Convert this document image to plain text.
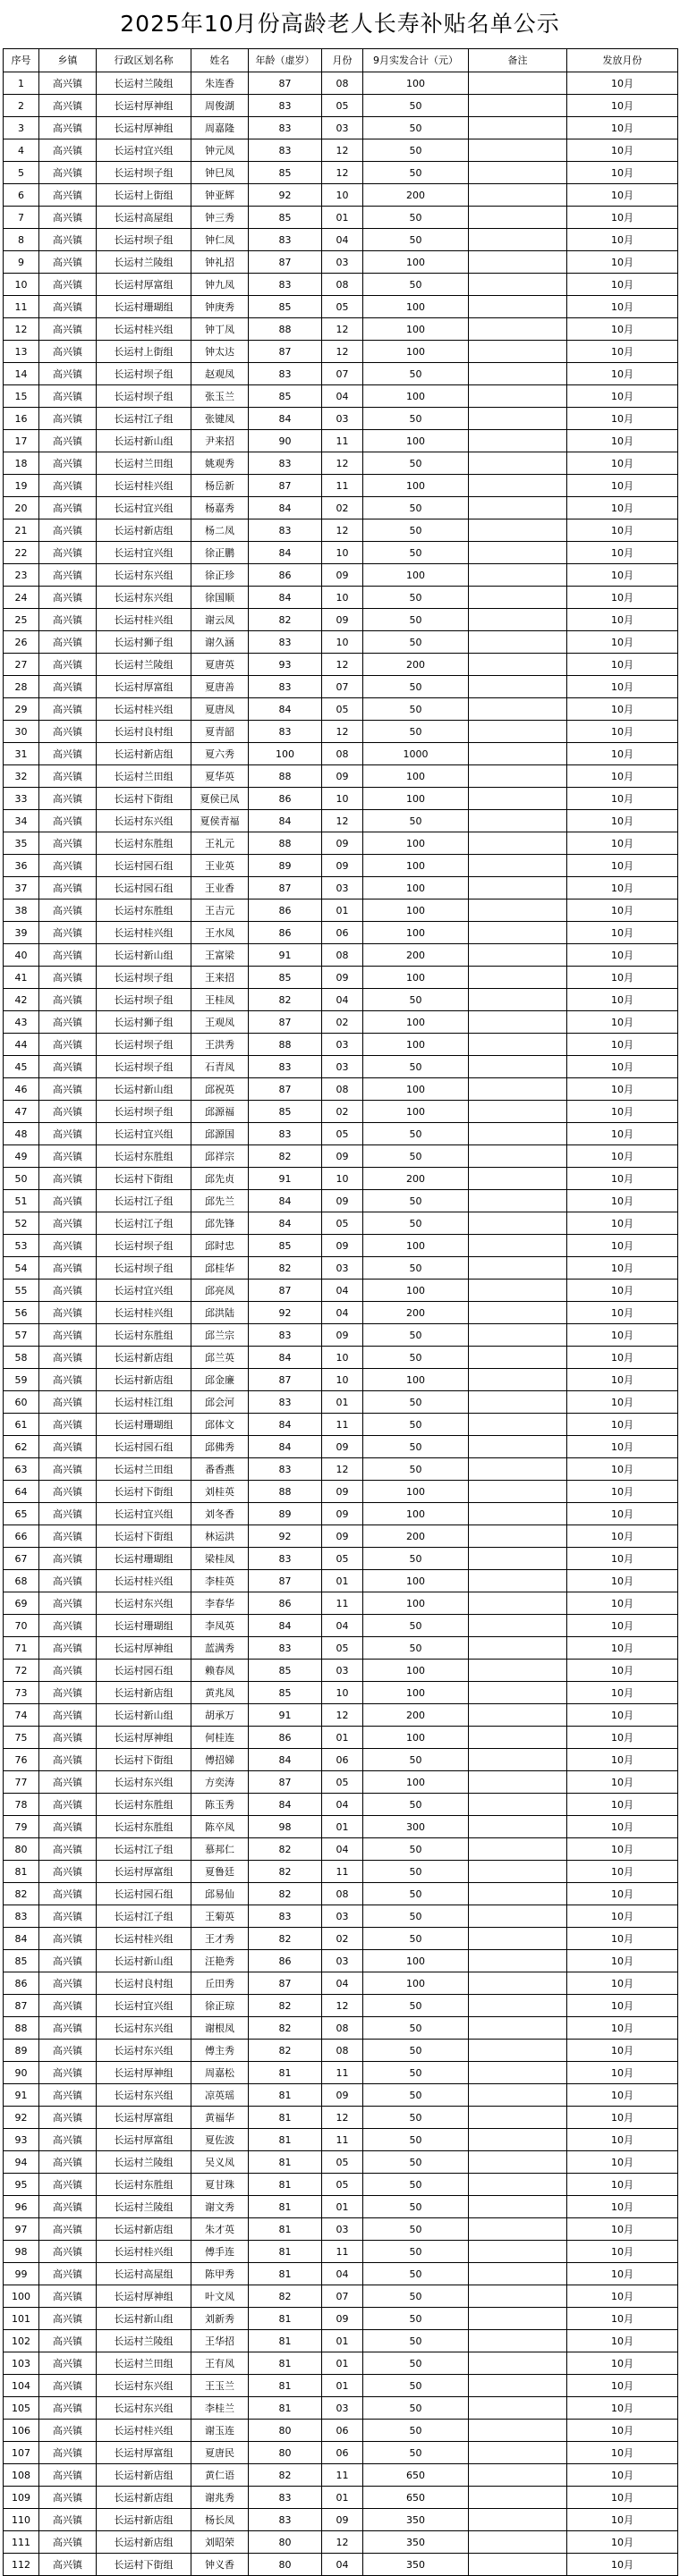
2025年10月份高龄老人长寿补贴名单公示
序号	乡镇	行政区划名称	姓名	年龄（虚岁）	月份	9月实发合计（元）	备注	发放月份
1	高兴镇	长运村兰陵组	朱连香	87	08	100		10月
2	高兴镇	长运村厚神组	周俊湖	83	05	50		10月
3	高兴镇	长运村厚神组	周嘉隆	83	03	50		10月
4	高兴镇	长运村宜兴组	钟元凤	83	12	50		10月
5	高兴镇	长运村坝子组	钟巳凤	85	12	50		10月
6	高兴镇	长运村上街组	钟亚辉	92	10	200		10月
7	高兴镇	长运村高屋组	钟三秀	85	01	50		10月
8	高兴镇	长运村坝子组	钟仁凤	83	04	50		10月
9	高兴镇	长运村兰陵组	钟礼招	87	03	100		10月
10	高兴镇	长运村厚富组	钟九凤	83	08	50		10月
11	高兴镇	长运村珊瑚组	钟庚秀	85	05	100		10月
12	高兴镇	长运村桂兴组	钟丁凤	88	12	100		10月
13	高兴镇	长运村上街组	钟太达	87	12	100		10月
14	高兴镇	长运村坝子组	赵观凤	83	07	50		10月
15	高兴镇	长运村坝子组	张玉兰	85	04	100		10月
16	高兴镇	长运村江子组	张键凤	84	03	50		10月
17	高兴镇	长运村新山组	尹来招	90	11	100		10月
18	高兴镇	长运村兰田组	姚观秀	83	12	50		10月
19	高兴镇	长运村桂兴组	杨岳新	87	11	100		10月
20	高兴镇	长运村宜兴组	杨嘉秀	84	02	50		10月
21	高兴镇	长运村新店组	杨二凤	83	12	50		10月
22	高兴镇	长运村宜兴组	徐正鹏	84	10	50		10月
23	高兴镇	长运村东兴组	徐正珍	86	09	100		10月
24	高兴镇	长运村东兴组	徐国顺	84	10	50		10月
25	高兴镇	长运村桂兴组	谢云凤	82	09	50		10月
26	高兴镇	长运村狮子组	谢久涵	83	10	50		10月
27	高兴镇	长运村兰陵组	夏唐英	93	12	200		10月
28	高兴镇	长运村厚富组	夏唐善	83	07	50		10月
29	高兴镇	长运村桂兴组	夏唐凤	84	05	50		10月
30	高兴镇	长运村良村组	夏青韶	83	12	50		10月
31	高兴镇	长运村新店组	夏六秀	100	08	1000		10月
32	高兴镇	长运村兰田组	夏华英	88	09	100		10月
33	高兴镇	长运村下街组	夏侯已凤	86	10	100		10月
34	高兴镇	长运村东兴组	夏侯青福	84	12	50		10月
35	高兴镇	长运村东胜组	王礼元	88	09	100		10月
36	高兴镇	长运村园石组	王业英	89	09	100		10月
37	高兴镇	长运村园石组	王业香	87	03	100		10月
38	高兴镇	长运村东胜组	王吉元	86	01	100		10月
39	高兴镇	长运村桂兴组	王水凤	86	06	100		10月
40	高兴镇	长运村新山组	王富梁	91	08	200		10月
41	高兴镇	长运村坝子组	王来招	85	09	100		10月
42	高兴镇	长运村坝子组	王桂凤	82	04	50		10月
43	高兴镇	长运村狮子组	王观凤	87	02	100		10月
44	高兴镇	长运村坝子组	王洪秀	88	03	100		10月
45	高兴镇	长运村坝子组	石青凤	83	03	50		10月
46	高兴镇	长运村新山组	邱祝英	87	08	100		10月
47	高兴镇	长运村坝子组	邱源福	85	02	100		10月
48	高兴镇	长运村宜兴组	邱源国	83	05	50		10月
49	高兴镇	长运村东胜组	邱祥宗	82	09	50		10月
50	高兴镇	长运村下街组	邱先贞	91	10	200		10月
51	高兴镇	长运村江子组	邱先兰	84	09	50		10月
52	高兴镇	长运村江子组	邱先锋	84	05	50		10月
53	高兴镇	长运村坝子组	邱时忠	85	09	100		10月
54	高兴镇	长运村坝子组	邱桂华	82	03	50		10月
55	高兴镇	长运村宜兴组	邱亮凤	87	04	100		10月
56	高兴镇	长运村桂兴组	邱洪陆	92	04	200		10月
57	高兴镇	长运村东胜组	邱兰宗	83	09	50		10月
58	高兴镇	长运村新店组	邱兰英	84	10	50		10月
59	高兴镇	长运村新店组	邱金廉	87	10	100		10月
60	高兴镇	长运村桂江组	邱会河	83	01	50		10月
61	高兴镇	长运村珊瑚组	邱体文	84	11	50		10月
62	高兴镇	长运村园石组	邱佛秀	84	09	50		10月
63	高兴镇	长运村兰田组	番香燕	83	12	50		10月
64	高兴镇	长运村下街组	刘桂英	88	09	100		10月
65	高兴镇	长运村宜兴组	刘冬香	89	09	100		10月
66	高兴镇	长运村下街组	林运洪	92	09	200		10月
67	高兴镇	长运村珊瑚组	梁桂凤	83	05	50		10月
68	高兴镇	长运村桂兴组	李桂英	87	01	100		10月
69	高兴镇	长运村东兴组	李春华	86	11	100		10月
70	高兴镇	长运村珊瑚组	李凤英	84	04	50		10月
71	高兴镇	长运村厚神组	蓝满秀	83	05	50		10月
72	高兴镇	长运村园石组	赖春凤	85	03	100		10月
73	高兴镇	长运村新店组	黄兆凤	85	10	100		10月
74	高兴镇	长运村新山组	胡承万	91	12	200		10月
75	高兴镇	长运村厚神组	何桂连	86	01	100		10月
76	高兴镇	长运村下街组	傅招娣	84	06	50		10月
77	高兴镇	长运村东兴组	方奕涛	87	05	100		10月
78	高兴镇	长运村东胜组	陈玉秀	84	04	50		10月
79	高兴镇	长运村东胜组	陈卒凤	98	01	300		10月
80	高兴镇	长运村江子组	慕邦仁	82	04	50		10月
81	高兴镇	长运村厚富组	夏鲁廷	82	11	50		10月
82	高兴镇	长运村园石组	邱易仙	82	08	50		10月
83	高兴镇	长运村江子组	王菊英	83	03	50		10月
84	高兴镇	长运村桂兴组	王才秀	82	02	50		10月
85	高兴镇	长运村新山组	汪艳秀	86	03	100		10月
86	高兴镇	长运村良村组	丘田秀	87	04	100		10月
87	高兴镇	长运村宜兴组	徐正琼	82	12	50		10月
88	高兴镇	长运村东兴组	谢根凤	82	08	50		10月
89	高兴镇	长运村东兴组	傅主秀	82	08	50		10月
90	高兴镇	长运村厚神组	周嘉松	81	11	50		10月
91	高兴镇	长运村东兴组	凉英瑶	81	09	50		10月
92	高兴镇	长运村厚富组	黄福华	81	12	50		10月
93	高兴镇	长运村厚富组	夏佐波	81	11	50		10月
94	高兴镇	长运村兰陵组	吴义凤	81	05	50		10月
95	高兴镇	长运村东胜组	夏甘珠	81	05	50		10月
96	高兴镇	长运村兰陵组	谢文秀	81	01	50		10月
97	高兴镇	长运村新店组	朱才英	81	03	50		10月
98	高兴镇	长运村桂兴组	傅手连	81	11	50		10月
99	高兴镇	长运村高屋组	陈甲秀	81	04	50		10月
100	高兴镇	长运村厚神组	叶文凤	82	07	50		10月
101	高兴镇	长运村新山组	刘新秀	81	09	50		10月
102	高兴镇	长运村兰陵组	王华招	81	01	50		10月
103	高兴镇	长运村兰田组	王有凤	81	01	50		10月
104	高兴镇	长运村东兴组	王玉兰	81	01	50		10月
105	高兴镇	长运村东兴组	李桂兰	81	03	50		10月
106	高兴镇	长运村桂兴组	谢玉连	80	06	50		10月
107	高兴镇	长运村厚富组	夏唐民	80	06	50		10月
108	高兴镇	长运村新店组	黄仁语	82	11	650		10月
109	高兴镇	长运村新店组	谢兆秀	83	01	650		10月
110	高兴镇	长运村新店组	杨长凤	83	09	350		10月
111	高兴镇	长运村新店组	刘昭荣	80	12	350		10月
112	高兴镇	长运村下街组	钟义香	80	04	350		10月
